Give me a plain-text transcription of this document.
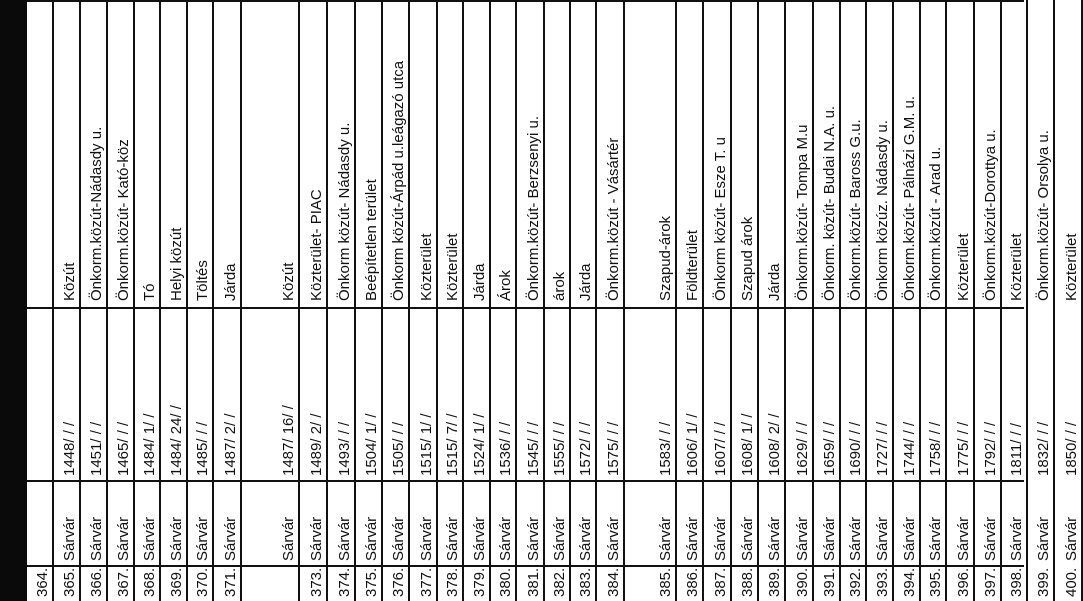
364. 365.
Sárvár
1448/ / /
Közút
366.
Sárvár
1451/ / /
Önkorm.közút-Nádasdy u.
367.
Sárvár
1465/ / /
Önkorm.közút- Kató-köz
368.
Sárvár
1484/ 1/ /
Tó
369.
Sárvár
1484/ 24/ /
Helyi közút
370.
Sárvár
1485/ / /
Töltés
371.
Sárvár
1487/ 2/ /
Járda
Sárvár
1487/ 16/ /
Közút
373.
Sárvár
1489/ 2/ /
Közterület- PIAC
374.
Sárvár
1493/ / /
Önkorm közút- Nádasdy u.
375.
Sárvár
1504/ 1/ /
Beépítetlen terület
376.
Sárvár
1505/ / /
Önkorm közút-Árpád u.leágazó utca
377.
Sárvár
1515/ 1/ /
Közterület
378.
Sárvár
1515/ 7/ /
Közterület
379.
Sárvár
1524/ 1/ /
Járda
380.
Sárvár
1536/ / /
Árok
381.
Sárvár
1545/ / /
Önkorm.közút- Berzsenyi u.
382.
Sárvár
1555/ / /
árok
383.
Sárvár
1572/ / /
Járda
384.
Sárvár
1575/ / /
Önkorm.közút - Vásártér
385.
Sárvár
1583/ / /
Szapud-árok
386.
Sárvár
1606/ 1/ /
Földterület
387.
Sárvár
1607/ / /
Önkorm közút- Esze T. u
388.
Sárvár
1608/ 1/ /
Szapud árok
389.
Sárvár
1608/ 2/ /
Járda
390.
Sárvár
1629/ / /
Önkorm.közút- Tompa M.u
391.
Sárvár
1659/ / /
Önkorm. közút- Budai N.A. u.
392.
Sárvár
1690/ / /
Önkorm.közút- Baross G.u.
393.
Sárvár
1727/ / /
Önkorm közúz. Nádasdy u.
394.
Sárvár
1744/ / /
Önkorm.közút- Pálnázi G.M. u.
395.
Sárvár
1758/ / /
Önkorm.közút - Arad u.
396.
Sárvár
1775/ / /
Közterület
397.
Sárvár
1792/ / /
Önkorm.közút-Dorottya u.
398.
Sárvár
1811/ / /
Közterület
399.
Sárvár
1832/ / /
Önkorm.közút- Orsolya u.
400.
Sárvár
1850/ / /
Közterület
